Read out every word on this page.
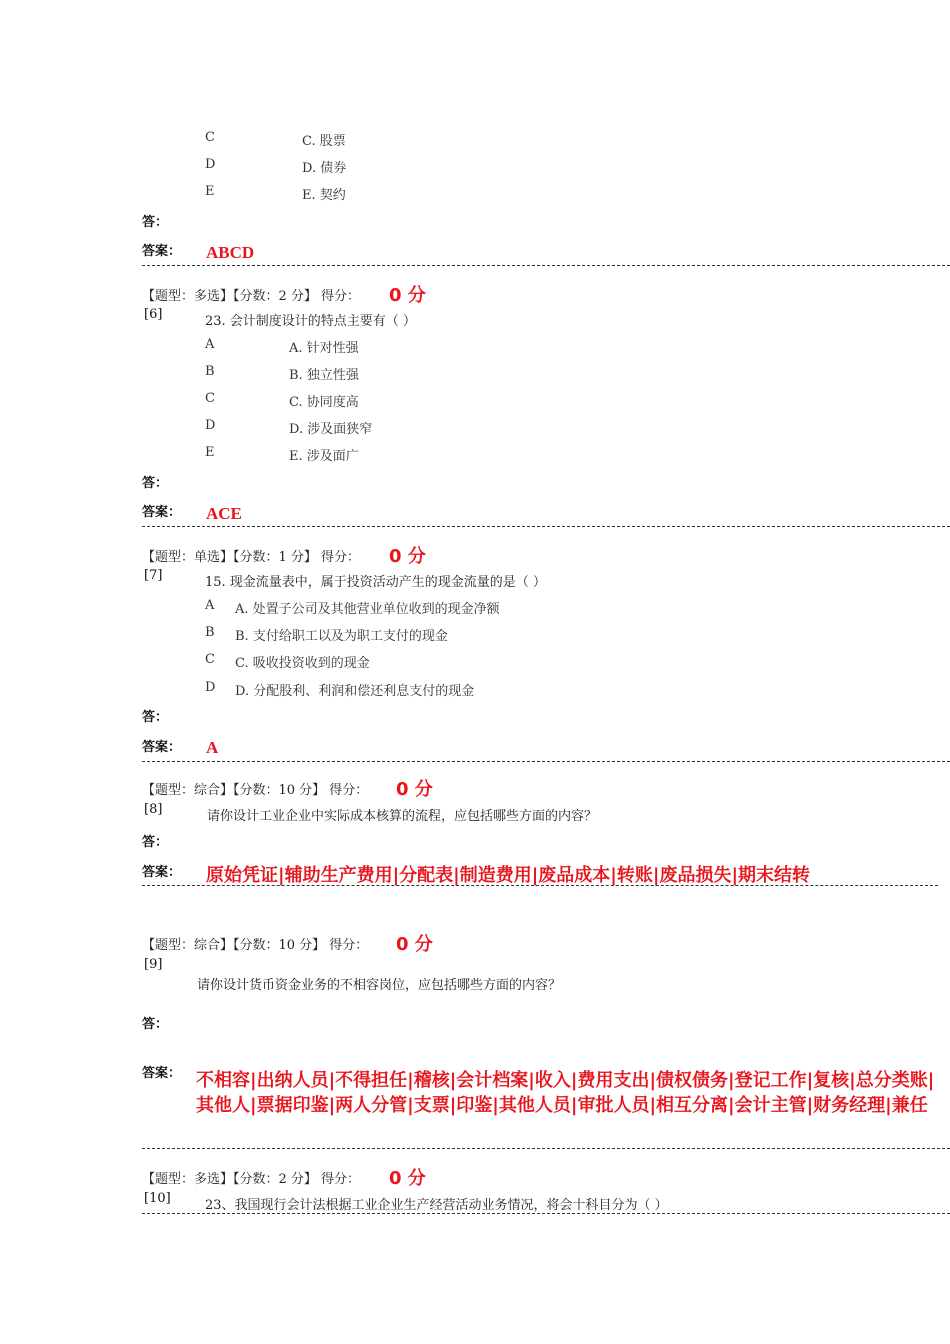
C	C. 股票
D	D. 债券
E	E. 契约
答：
答案： ABCD
【题型：多选】【分数：2 分】 得分： 0 分
[6]	23. 会计制度设计的特点主要有（ ）
A	A. 针对性强
B	B. 独立性强
C	C. 协同度高
D	D. 涉及面狭窄
E	E. 涉及面广
答：
答案： ACE
【题型：单选】【分数：1 分】 得分： 0 分
[7]	15. 现金流量表中，属于投资活动产生的现金流量的是（ ）
A A. 处置子公司及其他营业单位收到的现金净额
B B. 支付给职工以及为职工支付的现金
C C. 吸收投资收到的现金
D D. 分配股利、利润和偿还利息支付的现金
答：
答案： A
【题型：综合】【分数：10 分】 得分： 0 分
[8]	请你设计工业企业中实际成本核算的流程，应包括哪些方面的内容？
答：
答案： 原始凭证|辅助生产费用|分配表|制造费用|废品成本|转账|废品损失|期末结转
【题型：综合】【分数：10 分】 得分： 0 分
[9]
请你设计货币资金业务的不相容岗位，应包括哪些方面的内容？
答：
答案： 不相容|出纳人员|不得担任|稽核|会计档案|收入|费用支出|债权债务|登记工作|复核|总分类账|其他人|票据印鉴|两人分管|支票|印鉴|其他人员|审批人员|相互分离|会计主管|财务经理|兼任
【题型：多选】【分数：2 分】 得分： 0 分
[10]	23、我国现行会计法根据工业企业生产经营活动业务情况，将会十科目分为（ ）
